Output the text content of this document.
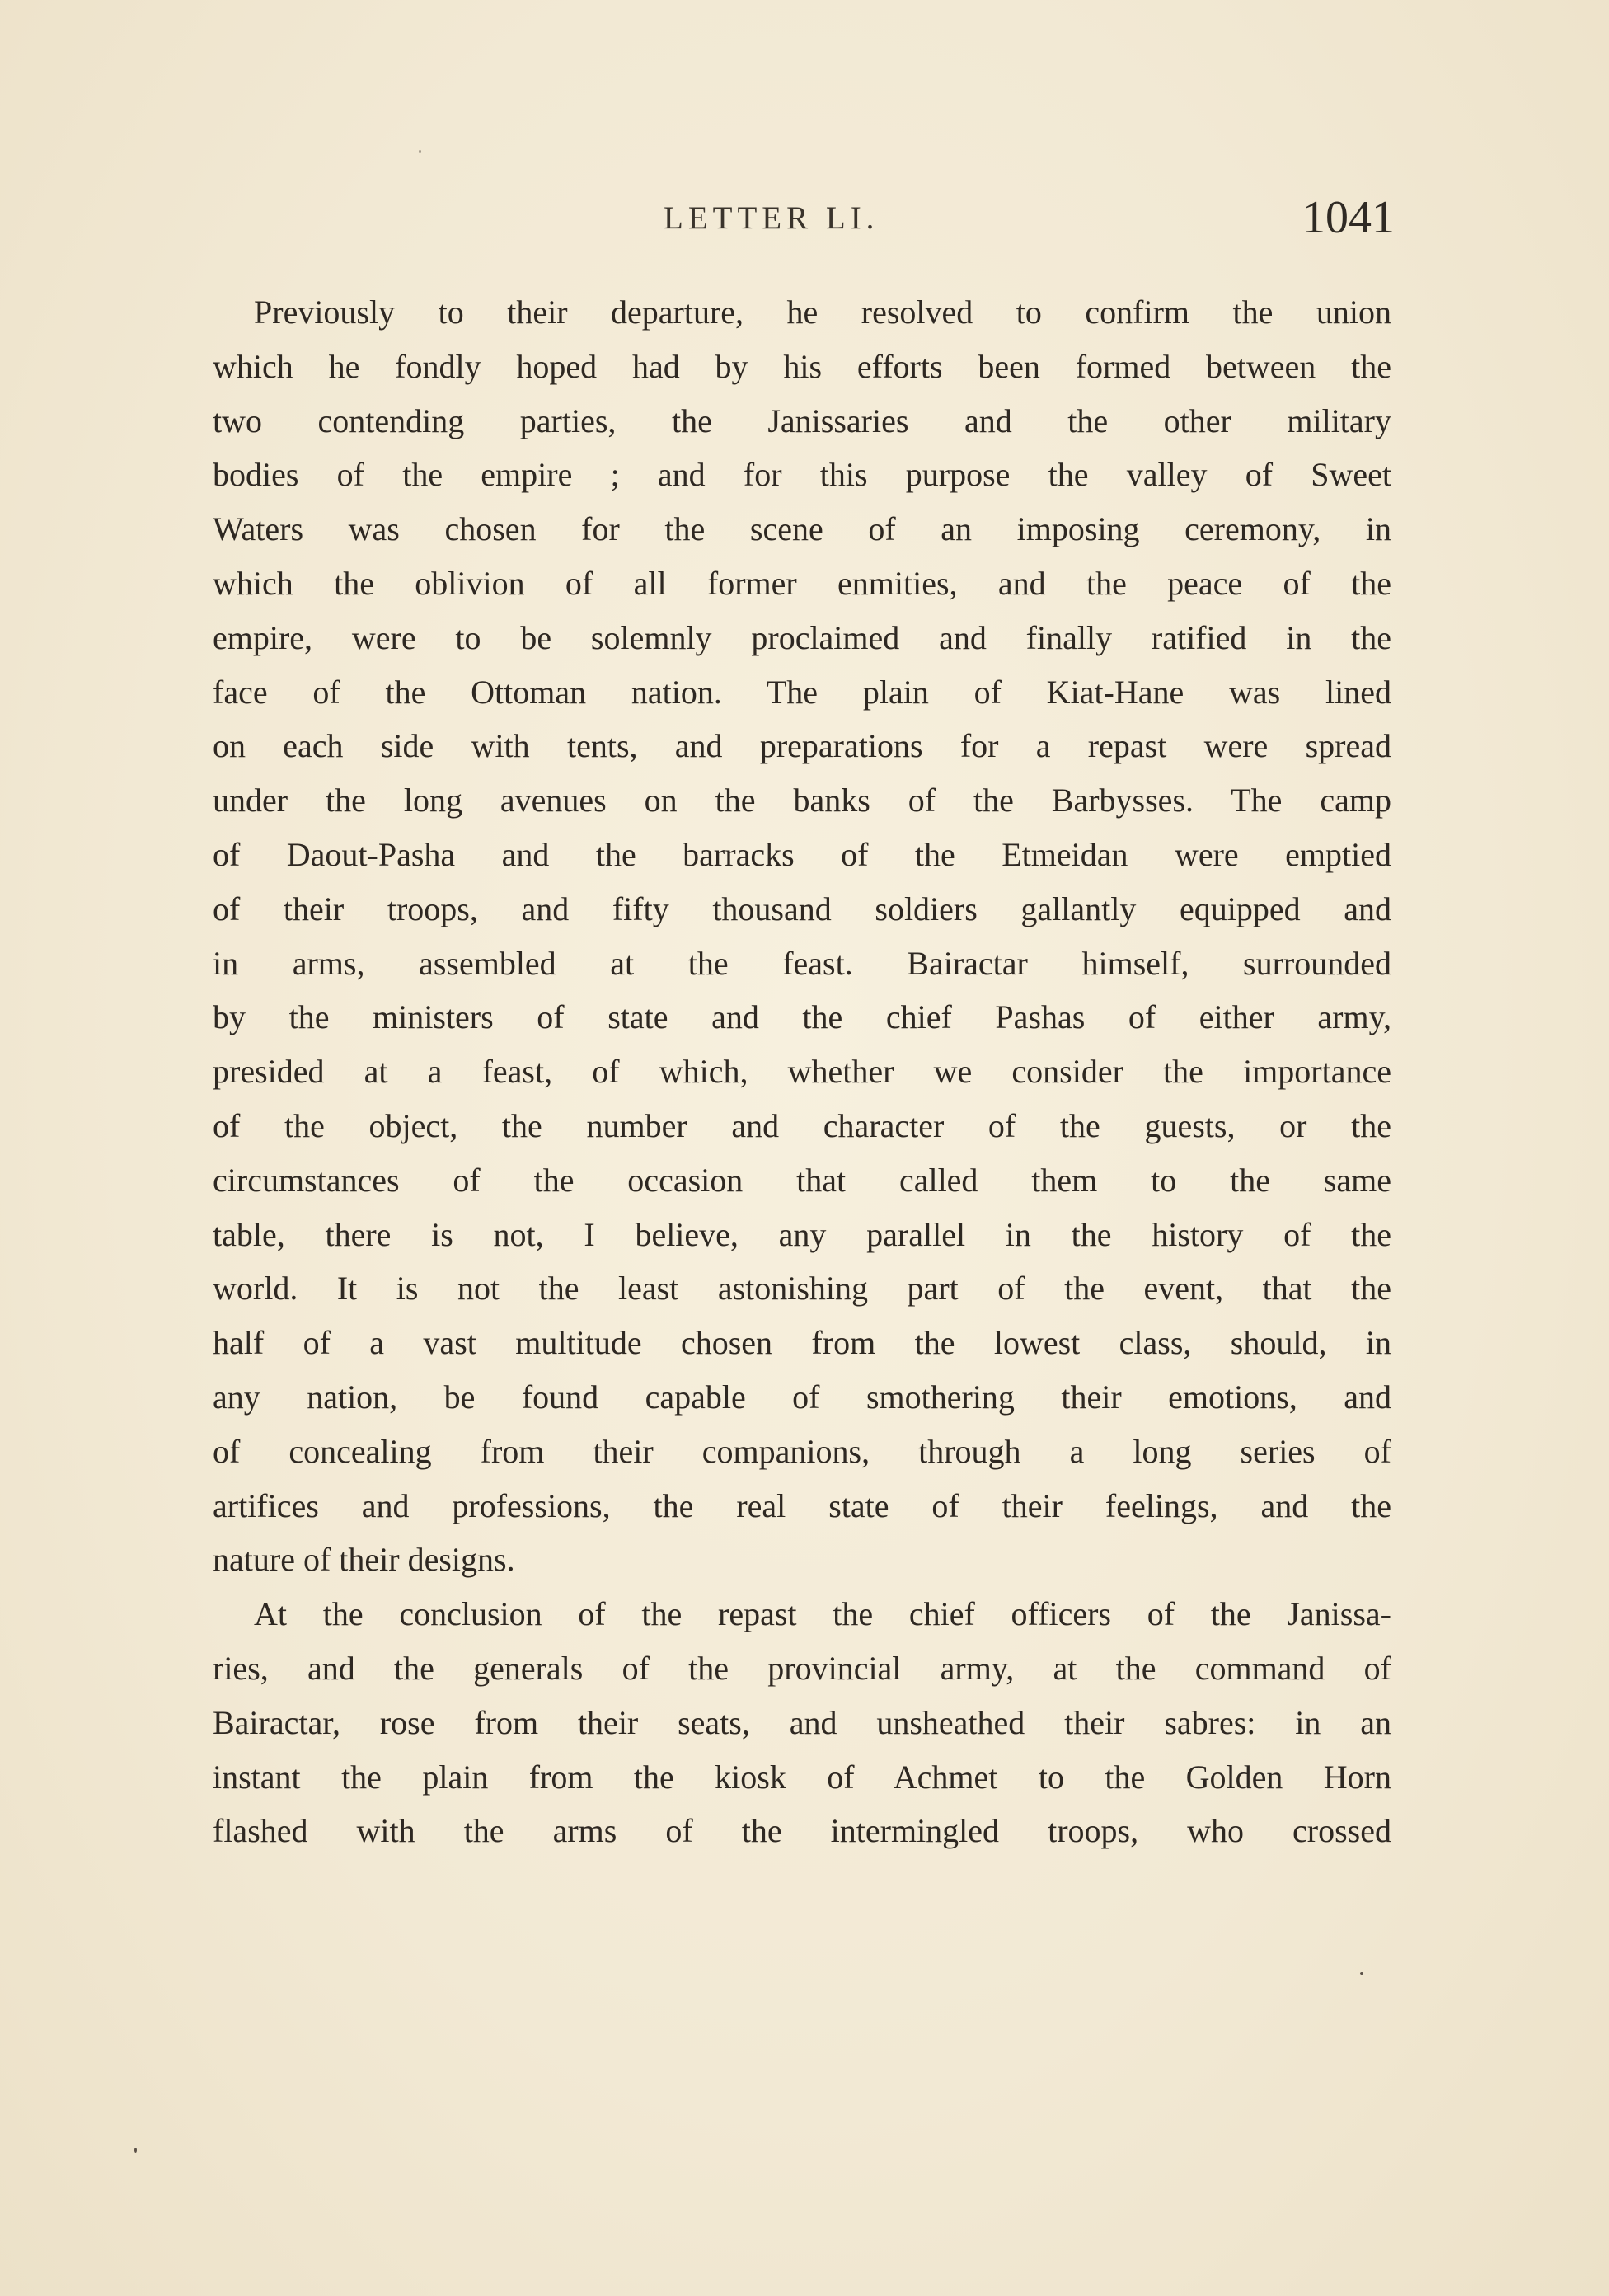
LETTER LI.	1041
Previously to their departure, he resolved to confirm the union
which he fondly hoped had by his efforts been formed between the
two contending parties, the Janissaries and the other military
bodies of the empire ; and for this purpose the valley of Sweet
Waters was chosen for the scene of an imposing ceremony, in
which the oblivion of all former enmities, and the peace of the
empire, were to be solemnly proclaimed and finally ratified in the
face of the Ottoman nation. The plain of Kiat-Hane was lined
on each side with tents, and preparations for a repast were spread
under the long avenues on the banks of the Barbysses. The camp
of Daout-Pasha and the barracks of the Etmeidan were emptied
of their troops, and fifty thousand soldiers gallantly equipped and
in arms, assembled at the feast. Bairactar himself, surrounded
by the ministers of state and the chief Pashas of either army,
presided at a feast, of which, whether we consider the importance
of the object, the number and character of the guests, or the
circumstances of the occasion that called them to the same
table, there is not, I believe, any parallel in the history of the
world. It is not the least astonishing part of the event, that the
half of a vast multitude chosen from the lowest class, should, in
any nation, be found capable of smothering their emotions, and
of concealing from their companions, through a long series of
artifices and professions, the real state of their feelings, and the
nature of their designs.
At the conclusion of the repast the chief officers of the Janissa-
ries, and the generals of the provincial army, at the command of
Bairactar, rose from their seats, and unsheathed their sabres: in an
instant the plain from the kiosk of Achmet to the Golden Horn
flashed with the arms of the intermingled troops, who crossed
